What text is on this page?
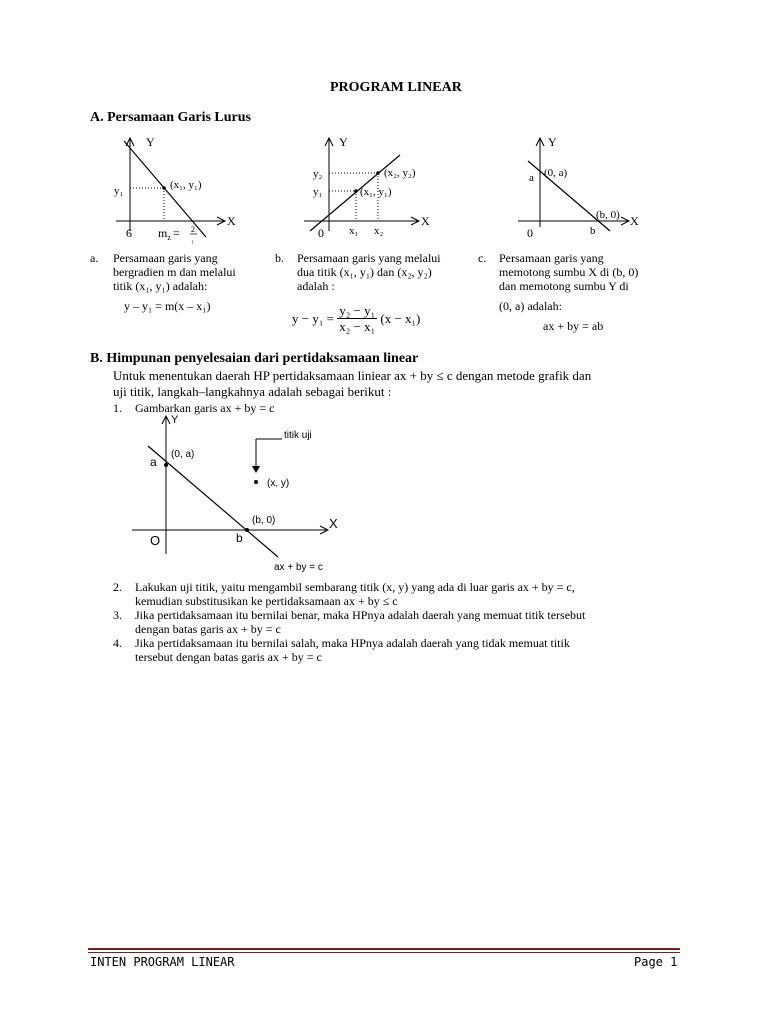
PROGRAM LINEAR
A. Persamaan Garis Lurus
Y
X
y₁	(x₁, y₁)
6 $m_z = 2$
₁
Y
X
y₂
y₁
(x₂, y₂)
(x₁, y₁)
0 x₁ x₂
Y
X
a (0, a)
(b, 0)
0	b
a. Persamaan garis yang
bergradien m dan melalui
titik (x₁, y₁) adalah:
y – y₁ = m(x – x₁)
b. Persamaan garis yang melalui
dua titik (x₁, y₁) dan (x₂, y₂)
adalah :
$y - y_1 = \frac{\text{y₂ − y₁}}{\text{x₂ − x₁}} (x - x_1)$
c. Persamaan garis yang
memotong sumbu X di (b, 0)
dan memotong sumbu Y di
(0, a) adalah:
ax + by = ab
B. Himpunan penyelesaian dari pertidaksamaan linear
Untuk menentukan daerah HP pertidaksamaan liniear ax + by ≤ c dengan metode grafik dan
uji titik, langkah–langkahnya adalah sebagai berikut :
1. Gambarkan garis ax + by = c
Y
X
a
(0, a)
titik uji
(x, y)
(b, 0)
O	b
ax + by = c
2. Lakukan uji titik, yaitu mengambil sembarang titik (x, y) yang ada di luar garis ax + by = c,
kemudian substitusikan ke pertidaksamaan ax + by ≤ c
3. Jika pertidaksamaan itu bernilai benar, maka HPnya adalah daerah yang memuat titik tersebut
dengan batas garis ax + by = c
4. Jika pertidaksamaan itu bernilai salah, maka HPnya adalah daerah yang tidak memuat titik
tersebut dengan batas garis ax + by = c
INTEN PROGRAM LINEAR	Page 1
